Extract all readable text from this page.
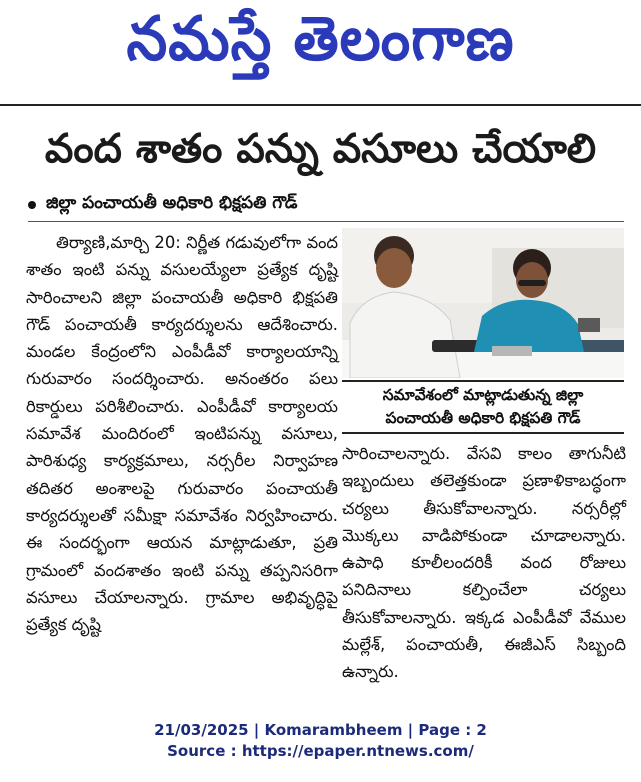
నమస్తే తెలంగాణ
వంద శాతం పన్ను వసూలు చేయాలి
జిల్లా పంచాయతీ అధికారి భిక్షపతి గౌడ్

తిర్యాణి,మార్చి 20: నిర్ణీత గడువులోగా వంద శాతం ఇంటి పన్ను వసులయ్యేలా ప్రత్యేక దృష్టి సారించాలని జిల్లా పంచాయతీ అధికారి భిక్షపతి గౌడ్ పంచాయతీ కార్యదర్శులను ఆదేశించారు. మండల కేంద్రంలోని ఎంపీడీవో కార్యాలయాన్ని గురువారం సందర్శించారు. అనంతరం పలు రికార్డులు పరిశీలించారు. ఎంపీడీవో కార్యాలయ సమావేశ మందిరంలో ఇంటిపన్ను వసూలు, పారిశుధ్య కార్యక్రమాలు, నర్సరీల నిర్వాహణ తదితర అంశాలపై గురువారం పంచాయతీ కార్యదర్శులతో సమీక్షా సమావేశం నిర్వహించారు. ఈ సందర్భంగా ఆయన మాట్లాడుతూ, ప్రతి గ్రామంలో వందశాతం ఇంటి పన్ను తప్పనిసరిగా వసూలు చేయాలన్నారు. గ్రామాల అభివృద్ధిపై ప్రత్యేక దృష్టి

సమావేశంలో మాట్లాడుతున్న జిల్లా
పంచాయతీ అధికారి భిక్షపతి గౌడ్

సారించాలన్నారు. వేసవి కాలం తాగునీటి ఇబ్బందులు తలెత్తకుండా ప్రణాళికాబద్ధంగా చర్యలు తీసుకోవాలన్నారు. నర్సరీల్లో మొక్కలు వాడిపోకుండా చూడాలన్నారు. ఉపాధి కూలీలందరికీ వంద రోజులు పనిదినాలు కల్పించేలా చర్యలు తీసుకోవాలన్నారు. ఇక్కడ ఎంపీడీవో వేముల మల్లేశ్, పంచాయతీ, ఈజీఎస్ సిబ్బంది ఉన్నారు.

21/03/2025 | Komarambheem | Page : 2
Source : https://epaper.ntnews.com/
